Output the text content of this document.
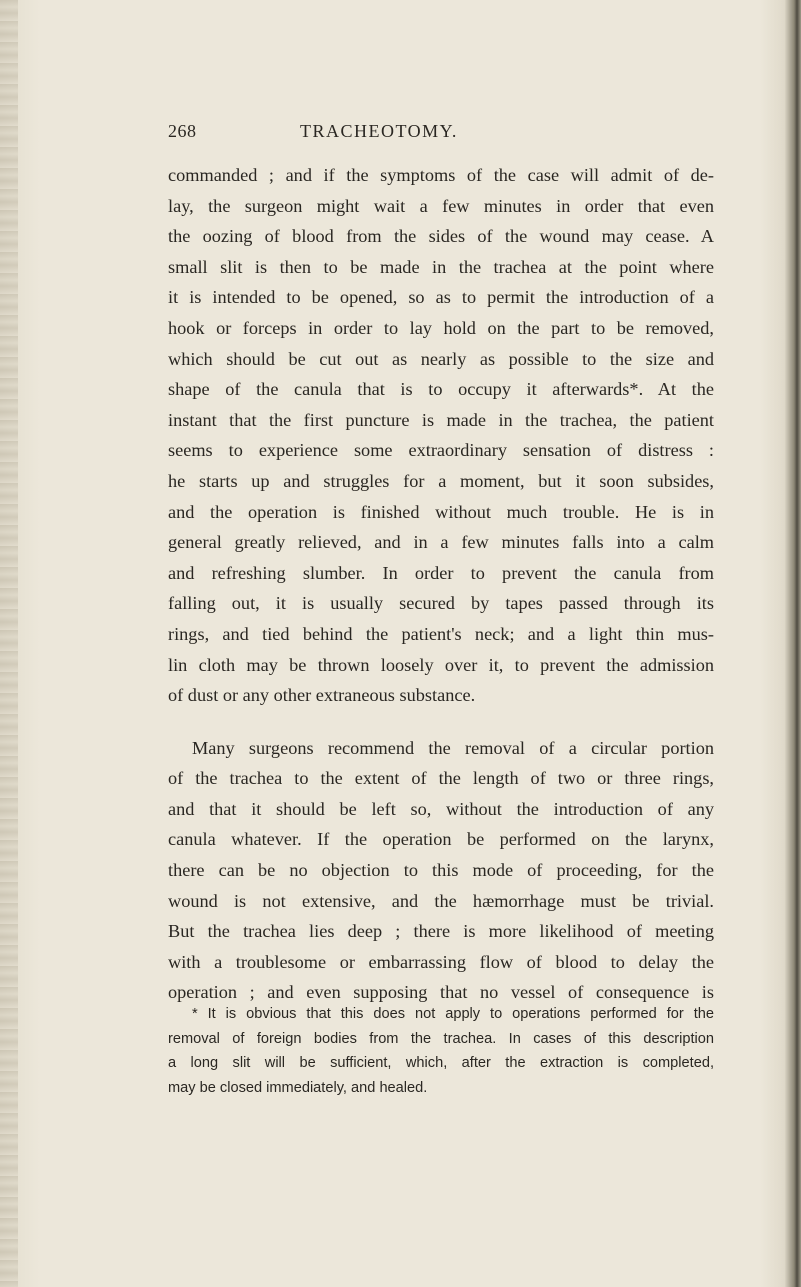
268	TRACHEOTOMY.
commanded ; and if the symptoms of the case will admit of de-
lay, the surgeon might wait a few minutes in order that even
the oozing of blood from the sides of the wound may cease. A
small slit is then to be made in the trachea at the point where
it is intended to be opened, so as to permit the introduction of a
hook or forceps in order to lay hold on the part to be removed,
which should be cut out as nearly as possible to the size and
shape of the canula that is to occupy it afterwards*. At the
instant that the first puncture is made in the trachea, the patient
seems to experience some extraordinary sensation of distress :
he starts up and struggles for a moment, but it soon subsides,
and the operation is finished without much trouble. He is in
general greatly relieved, and in a few minutes falls into a calm
and refreshing slumber. In order to prevent the canula from
falling out, it is usually secured by tapes passed through its
rings, and tied behind the patient's neck; and a light thin mus-
lin cloth may be thrown loosely over it, to prevent the admission
of dust or any other extraneous substance.
Many surgeons recommend the removal of a circular portion
of the trachea to the extent of the length of two or three rings,
and that it should be left so, without the introduction of any
canula whatever. If the operation be performed on the larynx,
there can be no objection to this mode of proceeding, for the
wound is not extensive, and the hæmorrhage must be trivial.
But the trachea lies deep ; there is more likelihood of meeting
with a troublesome or embarrassing flow of blood to delay the
operation ; and even supposing that no vessel of consequence is
* It is obvious that this does not apply to operations performed for the
removal of foreign bodies from the trachea. In cases of this description
a long slit will be sufficient, which, after the extraction is completed,
may be closed immediately, and healed.
